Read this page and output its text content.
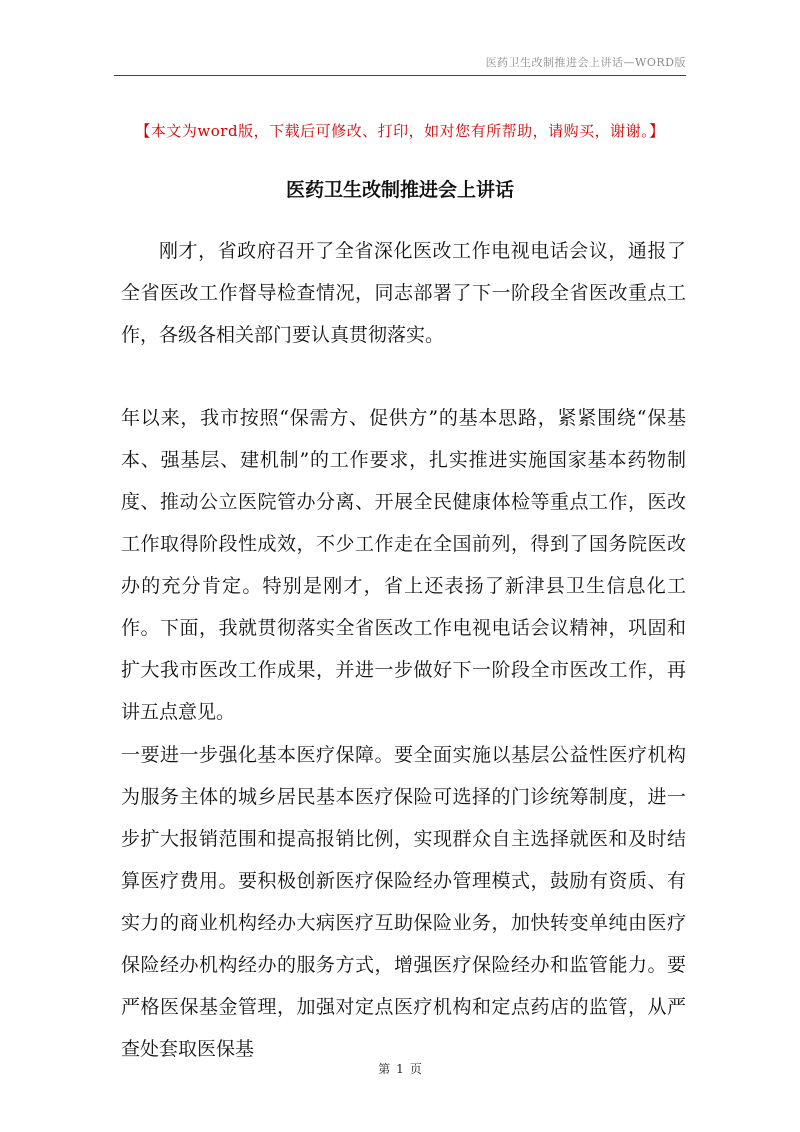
医药卫生改制推进会上讲话—WORD版
【本文为word版，下载后可修改、打印，如对您有所帮助，请购买，谢谢。】
医药卫生改制推进会上讲话

刚才，省政府召开了全省深化医改工作电视电话会议，通报了全省医改工作督导检查情况，同志部署了下一阶段全省医改重点工作，各级各相关部门要认真贯彻落实。

年以来，我市按照“保需方、促供方”的基本思路，紧紧围绕“保基本、强基层、建机制”的工作要求，扎实推进实施国家基本药物制度、推动公立医院管办分离、开展全民健康体检等重点工作，医改工作取得阶段性成效，不少工作走在全国前列，得到了国务院医改办的充分肯定。特别是刚才，省上还表扬了新津县卫生信息化工作。下面，我就贯彻落实全省医改工作电视电话会议精神，巩固和扩大我市医改工作成果，并进一步做好下一阶段全市医改工作，再讲五点意见。

一要进一步强化基本医疗保障。要全面实施以基层公益性医疗机构为服务主体的城乡居民基本医疗保险可选择的门诊统筹制度，进一步扩大报销范围和提高报销比例，实现群众自主选择就医和及时结算医疗费用。要积极创新医疗保险经办管理模式，鼓励有资质、有实力的商业机构经办大病医疗互助保险业务，加快转变单纯由医疗保险经办机构经办的服务方式，增强医疗保险经办和监管能力。要严格医保基金管理，加强对定点医疗机构和定点药店的监管，从严查处套取医保基

第 1 页
